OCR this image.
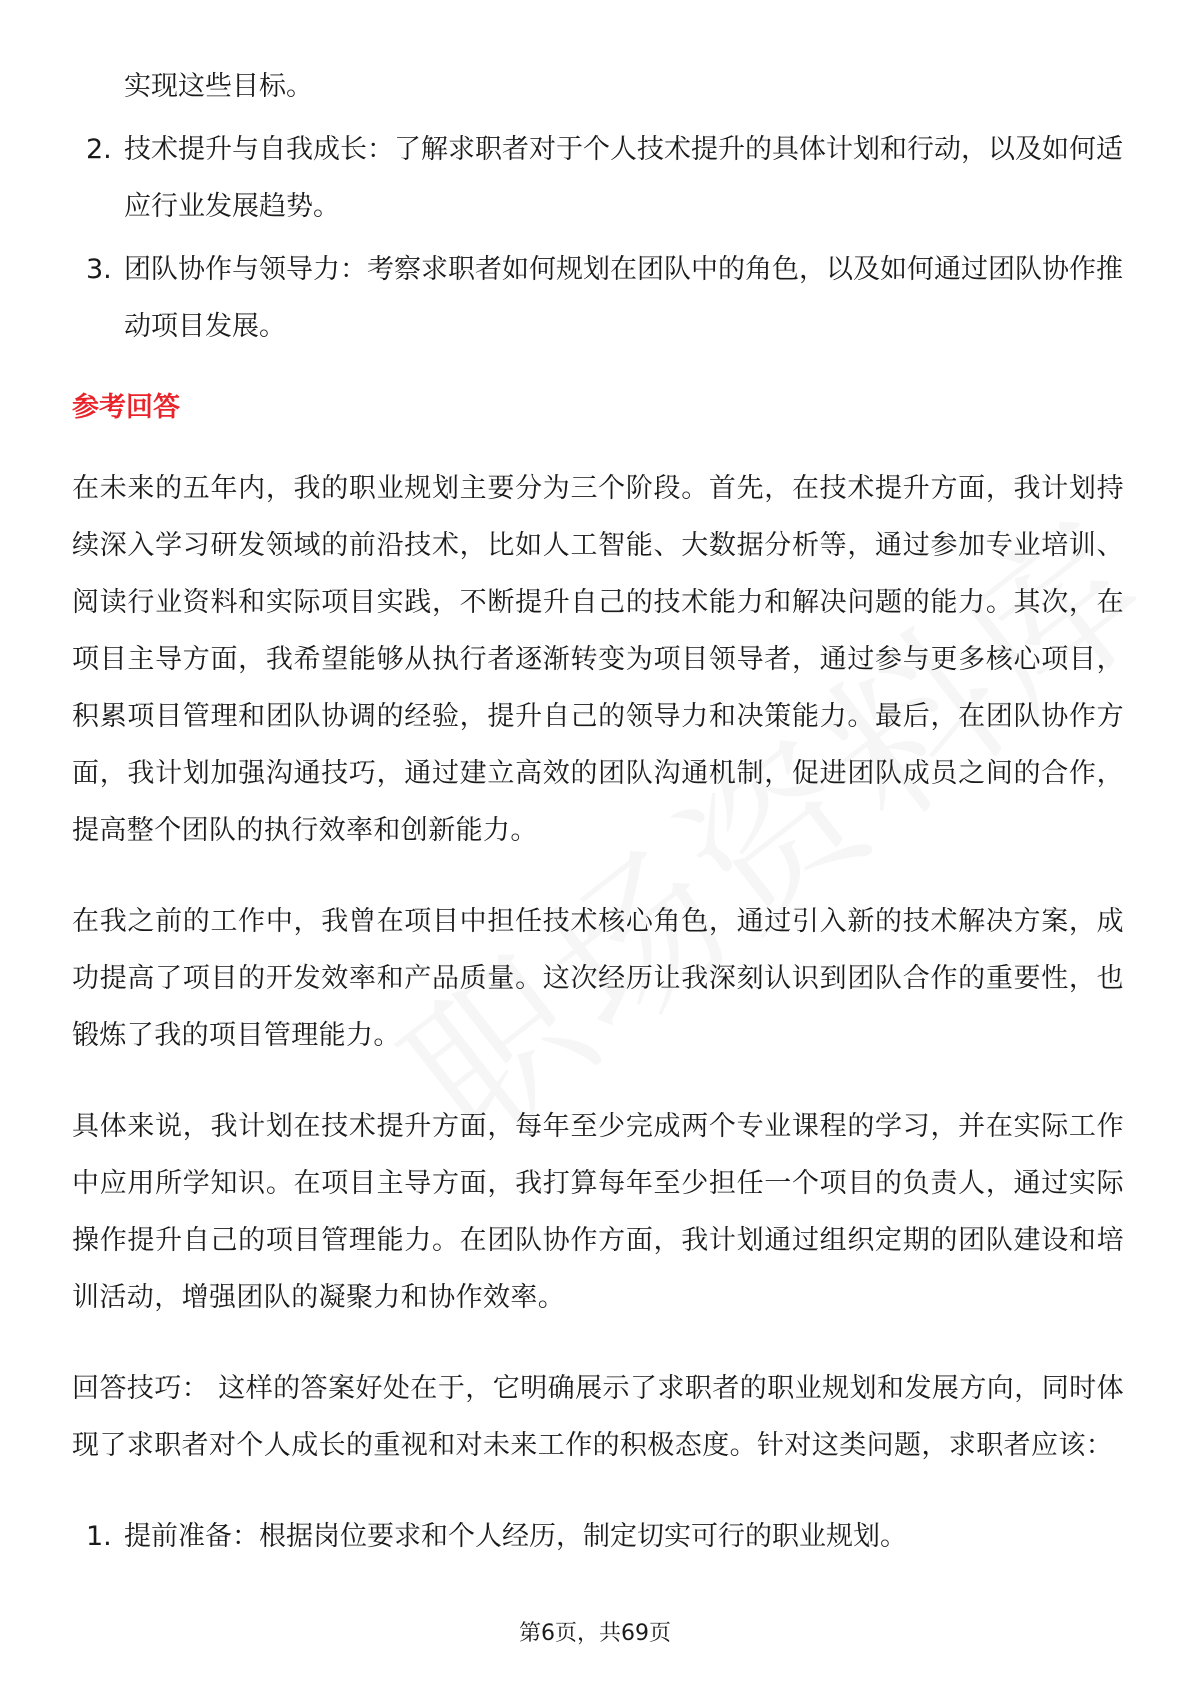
实现这些目标。

2. 技术提升与自我成长：了解求职者对于个人技术提升的具体计划和行动，以及如何适应行业发展趋势。
3. 团队协作与领导力：考察求职者如何规划在团队中的角色，以及如何通过团队协作推动项目发展。

参考回答

在未来的五年内，我的职业规划主要分为三个阶段。首先，在技术提升方面，我计划持续深入学习研发领域的前沿技术，比如人工智能、大数据分析等，通过参加专业培训、阅读行业资料和实际项目实践，不断提升自己的技术能力和解决问题的能力。其次，在项目主导方面，我希望能够从执行者逐渐转变为项目领导者，通过参与更多核心项目，积累项目管理和团队协调的经验，提升自己的领导力和决策能力。最后，在团队协作方面，我计划加强沟通技巧，通过建立高效的团队沟通机制，促进团队成员之间的合作，提高整个团队的执行效率和创新能力。

在我之前的工作中，我曾在项目中担任技术核心角色，通过引入新的技术解决方案，成功提高了项目的开发效率和产品质量。这次经历让我深刻认识到团队合作的重要性，也锻炼了我的项目管理能力。

具体来说，我计划在技术提升方面，每年至少完成两个专业课程的学习，并在实际工作中应用所学知识。在项目主导方面，我打算每年至少担任一个项目的负责人，通过实际操作提升自己的项目管理能力。在团队协作方面，我计划通过组织定期的团队建设和培训活动，增强团队的凝聚力和协作效率。

回答技巧： 这样的答案好处在于，它明确展示了求职者的职业规划和发展方向，同时体现了求职者对个人成长的重视和对未来工作的积极态度。针对这类问题，求职者应该：

1. 提前准备：根据岗位要求和个人经历，制定切实可行的职业规划。
第6页，共69页
